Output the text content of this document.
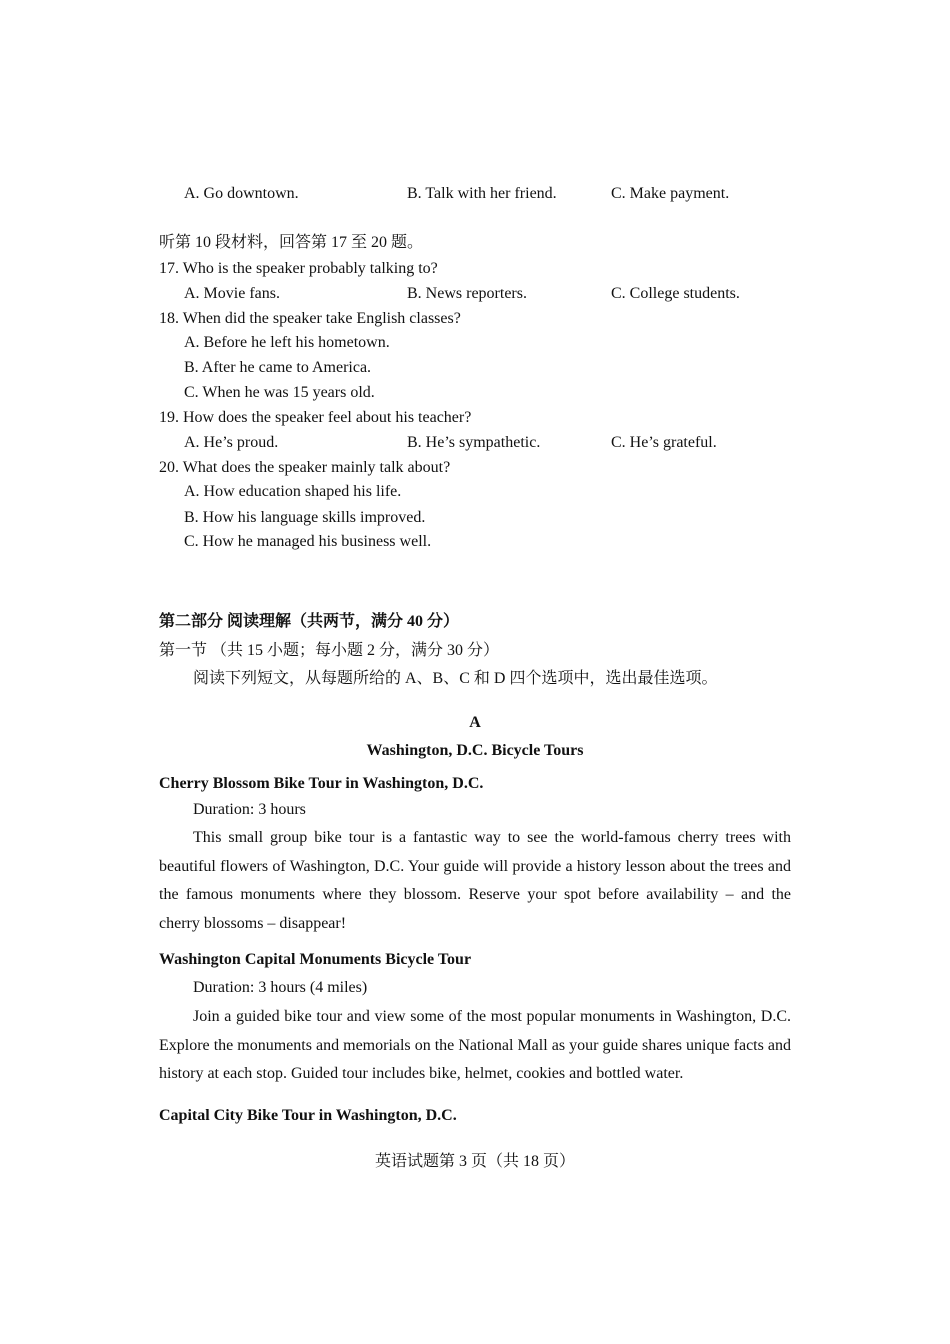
A. Go downtown.	B. Talk with her friend.	C. Make payment.
听第 10 段材料，回答第 17 至 20 题。
17. Who is the speaker probably talking to?
A. Movie fans.	B. News reporters.	C. College students.
18. When did the speaker take English classes?
A. Before he left his hometown.
B. After he came to America.
C. When he was 15 years old.
19. How does the speaker feel about his teacher?
A. He’s proud.	B. He’s sympathetic.	C. He’s grateful.
20. What does the speaker mainly talk about?
A. How education shaped his life.
B. How his language skills improved.
C. How he managed his business well.
第二部分 阅读理解（共两节，满分 40 分）
第一节 （共 15 小题；每小题 2 分，满分 30 分）
阅读下列短文，从每题所给的 A、B、C 和 D 四个选项中，选出最佳选项。
A
Washington, D.C. Bicycle Tours
Cherry Blossom Bike Tour in Washington, D.C.
Duration: 3 hours
This small group bike tour is a fantastic way to see the world-famous cherry trees with beautiful flowers of Washington, D.C. Your guide will provide a history lesson about the trees and the famous monuments where they blossom. Reserve your spot before availability – and the cherry blossoms – disappear!
Washington Capital Monuments Bicycle Tour
Duration: 3 hours (4 miles)
Join a guided bike tour and view some of the most popular monuments in Washington, D.C. Explore the monuments and memorials on the National Mall as your guide shares unique facts and history at each stop. Guided tour includes bike, helmet, cookies and bottled water.
Capital City Bike Tour in Washington, D.C.
英语试题第 3 页（共 18 页）
